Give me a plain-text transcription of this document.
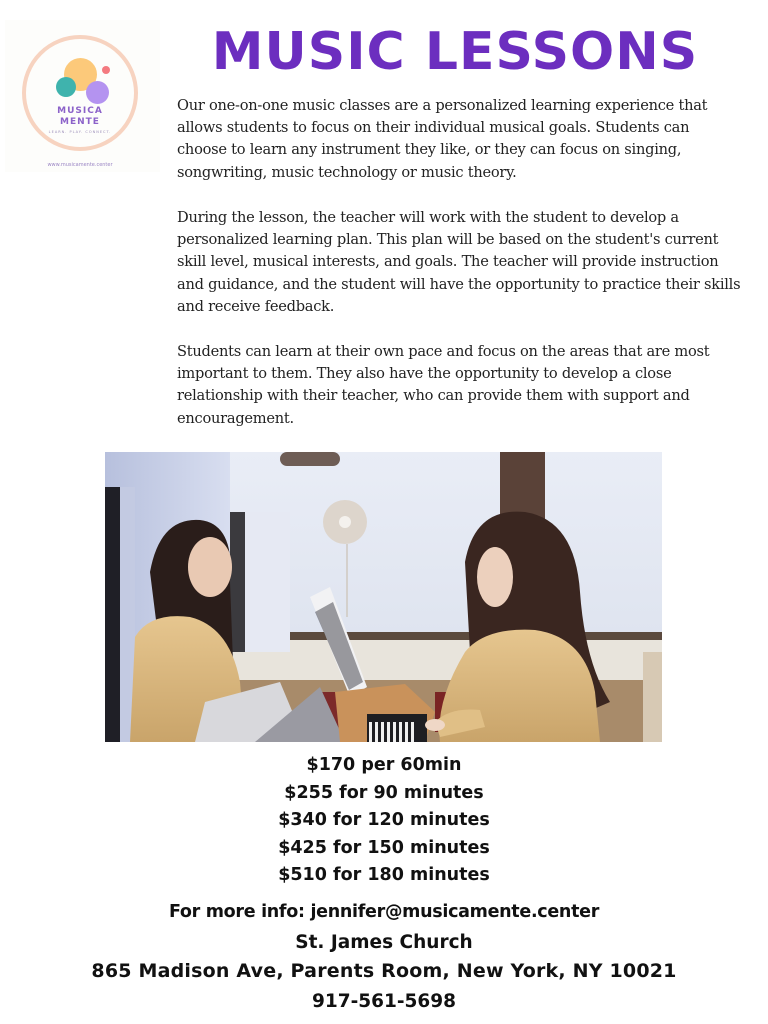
MUSICA
MENTE
LEARN. PLAY. CONNECT.
www.musicamente.center
MUSIC LESSONS

Our one-on-one music classes are a personalized learning experience that allows students to focus on their individual musical goals. Students can choose to learn any instrument they like, or they can focus on singing, songwriting, music technology or music theory.

During the lesson, the teacher will work with the student to develop a personalized learning plan. This plan will be based on the student's current skill level, musical interests, and goals. The teacher will provide instruction and guidance, and the student will have the opportunity to practice their skills and receive feedback.

Students can learn at their own pace and focus on the areas that are most important to them. They also have the opportunity to develop a close relationship with their teacher, who can provide them with support and encouragement.

$170 per 60min
$255 for 90 minutes
$340 for 120 minutes
$425 for 150 minutes
$510 for 180 minutes
For more info: jennifer@musicamente.center
St. James Church
865 Madison Ave, Parents Room, New York, NY 10021
917-561-5698
